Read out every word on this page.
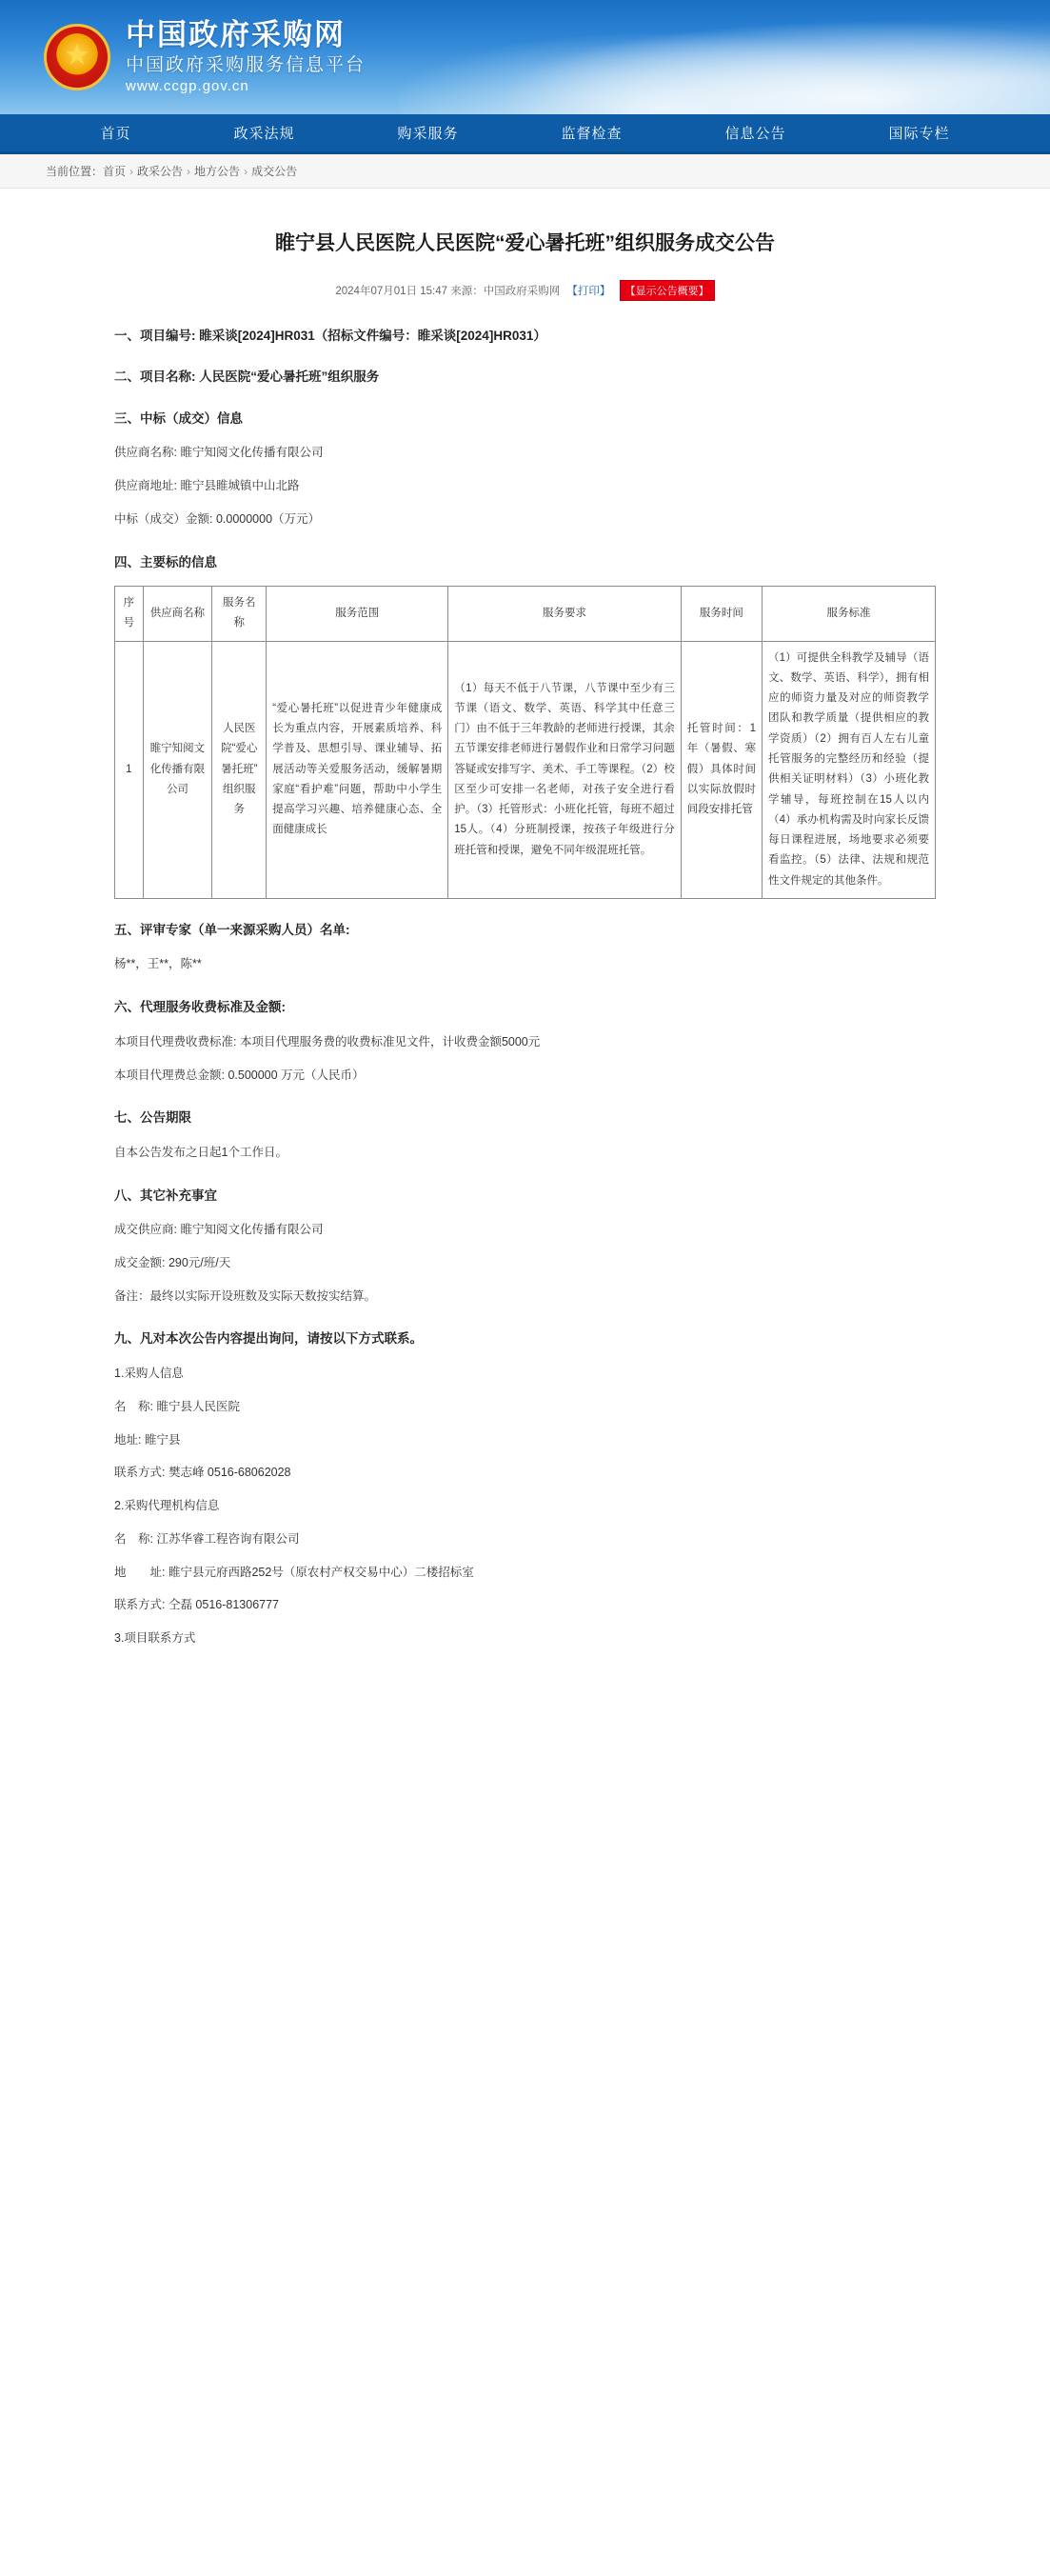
★
中国政府采购网
中国政府采购服务信息平台
www.ccgp.gov.cn
首页	政采法规	购采服务	监督检查	信息公告	国际专栏
当前位置：首页 › 政采公告 › 地方公告 › 成交公告
睢宁县人民医院人民医院“爱心暑托班”组织服务成交公告
2024年07月01日 15:47 来源：中国政府采购网 【打印】 【显示公告概要】
一、项目编号: 睢采谈[2024]HR031（招标文件编号：睢采谈[2024]HR031）
二、项目名称: 人民医院“爱心暑托班”组织服务
三、中标（成交）信息
供应商名称: 睢宁知阅文化传播有限公司
供应商地址: 睢宁县睢城镇中山北路
中标（成交）金额: 0.0000000（万元）
四、主要标的信息
序号	供应商名称	服务名称	服务范围	服务要求	服务时间	服务标准
1	睢宁知阅文化传播有限公司	人民医院“爱心暑托班”组织服务	“爱心暑托班”以促进青少年健康成长为重点内容，开展素质培养、科学普及、思想引导、课业辅导、拓展活动等关爱服务活动，缓解暑期家庭“看护难”问题，帮助中小学生提高学习兴趣、培养健康心态、全面健康成长	（1）每天不低于八节课，八节课中至少有三节课（语文、数学、英语、科学其中任意三门）由不低于三年教龄的老师进行授课，其余五节课安排老师进行暑假作业和日常学习问题答疑或安排写字、美术、手工等课程。（2）校区至少可安排一名老师，对孩子安全进行看护。（3）托管形式：小班化托管，每班不超过15人。（4）分班制授课，按孩子年级进行分班托管和授课，避免不同年级混班托管。	托管时间：1年（暑假、寒假）具体时间以实际放假时间段安排托管	（1）可提供全科教学及辅导（语文、数学、英语、科学），拥有相应的师资力量及对应的师资教学团队和教学质量（提供相应的教学资质）（2）拥有百人左右儿童托管服务的完整经历和经验（提供相关证明材料）（3）小班化教学辅导，每班控制在15人以内（4）承办机构需及时向家长反馈每日课程进展，场地要求必须要看监控。（5）法律、法规和规范性文件规定的其他条件。
五、评审专家（单一来源采购人员）名单:
杨**，王**，陈**
六、代理服务收费标准及金额:
本项目代理费收费标准: 本项目代理服务费的收费标准见文件，计收费金额5000元
本项目代理费总金额: 0.500000 万元（人民币）
七、公告期限
自本公告发布之日起1个工作日。
八、其它补充事宜
成交供应商: 睢宁知阅文化传播有限公司
成交金额: 290元/班/天
备注：最终以实际开设班数及实际天数按实结算。
九、凡对本次公告内容提出询问，请按以下方式联系。
1.采购人信息
名　称: 睢宁县人民医院
地址: 睢宁县
联系方式: 樊志峰 0516-68062028
2.采购代理机构信息
名　称: 江苏华睿工程咨询有限公司
地　　址: 睢宁县元府西路252号（原农村产权交易中心）二楼招标室
联系方式: 仝磊 0516-81306777
3.项目联系方式
